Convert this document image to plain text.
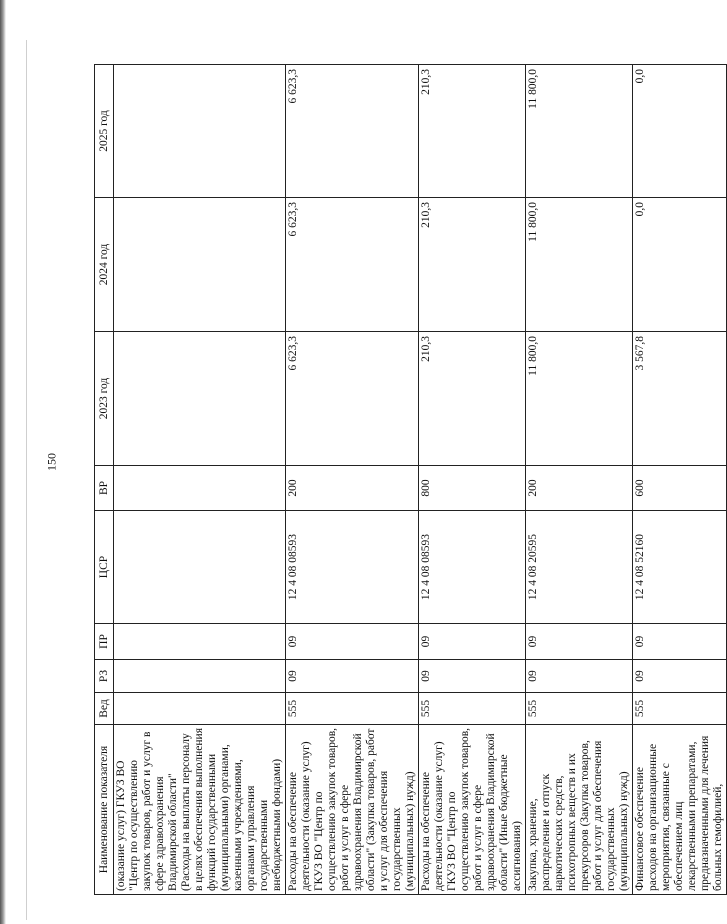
150
Наименование показателя	Вед	РЗ	ПР	ЦСР	ВР	2023 год	2024 год	2025 год
(оказание услуг) ГКУЗ ВО "Центр по осуществлению закупок товаров, работ и услуг в сфере здравоохранения Владимирской области" (Расходы на выплаты персоналу в целях обеспечения выполнения функций государственными (муниципальными) органами, казенными учреждениями, органами управления государственными внебюджетными фондами)								
Расходы на обеспечение деятельности (оказание услуг) ГКУЗ ВО "Центр по осуществлению закупок товаров, работ и услуг в сфере здравоохранения Владимирской области" (Закупка товаров, работ и услуг для обеспечения государственных (муниципальных) нужд)	555	09	09	12 4 08 08593	200	6 623,3	6 623,3	6 623,3
Расходы на обеспечение деятельности (оказание услуг) ГКУЗ ВО "Центр по осуществлению закупок товаров, работ и услуг в сфере здравоохранения Владимирской области" (Иные бюджетные ассигнования)	555	09	09	12 4 08 08593	800	210,3	210,3	210,3
Закупка, хранение, распределение и отпуск наркотических средств, психотропных веществ и их прекурсоров (Закупка товаров, работ и услуг для обеспечения государственных (муниципальных) нужд)	555	09	09	12 4 08 20595	200	11 800,0	11 800,0	11 800,0
Финансовое обеспечение расходов на организационные мероприятия, связанные с обеспечением лиц лекарственными препаратами, предназначенными для лечения больных гемофилией,	555	09	09	12 4 08 52160	600	3 567,8	0,0	0,0
